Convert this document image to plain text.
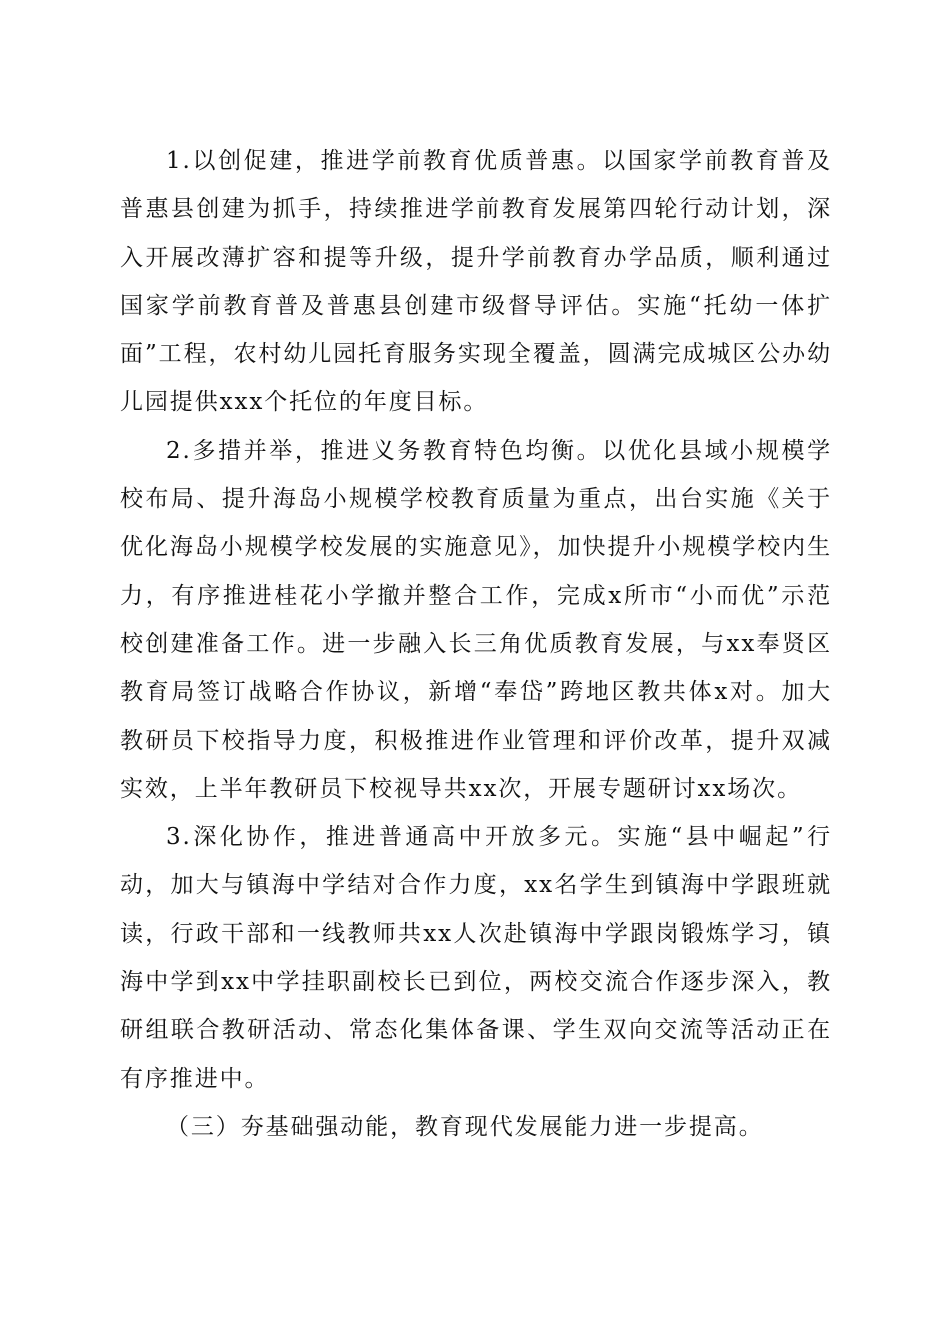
1.以创促建，推进学前教育优质普惠。以国家学前教育普及普惠县创建为抓手，持续推进学前教育发展第四轮行动计划，深入开展改薄扩容和提等升级，提升学前教育办学品质，顺利通过国家学前教育普及普惠县创建市级督导评估。实施“托幼一体扩面”工程，农村幼儿园托育服务实现全覆盖，圆满完成城区公办幼儿园提供xxx个托位的年度目标。

2.多措并举，推进义务教育特色均衡。以优化县域小规模学校布局、提升海岛小规模学校教育质量为重点，出台实施《关于优化海岛小规模学校发展的实施意见》，加快提升小规模学校内生力，有序推进桂花小学撤并整合工作，完成x所市“小而优”示范校创建准备工作。进一步融入长三角优质教育发展，与xx奉贤区教育局签订战略合作协议，新增“奉岱”跨地区教共体x对。加大教研员下校指导力度，积极推进作业管理和评价改革，提升双减实效，上半年教研员下校视导共xx次，开展专题研讨xx场次。

3.深化协作，推进普通高中开放多元。实施“县中崛起”行动，加大与镇海中学结对合作力度，xx名学生到镇海中学跟班就读，行政干部和一线教师共xx人次赴镇海中学跟岗锻炼学习，镇海中学到xx中学挂职副校长已到位，两校交流合作逐步深入，教研组联合教研活动、常态化集体备课、学生双向交流等活动正在有序推进中。

（三）夯基础强动能，教育现代发展能力进一步提高。
